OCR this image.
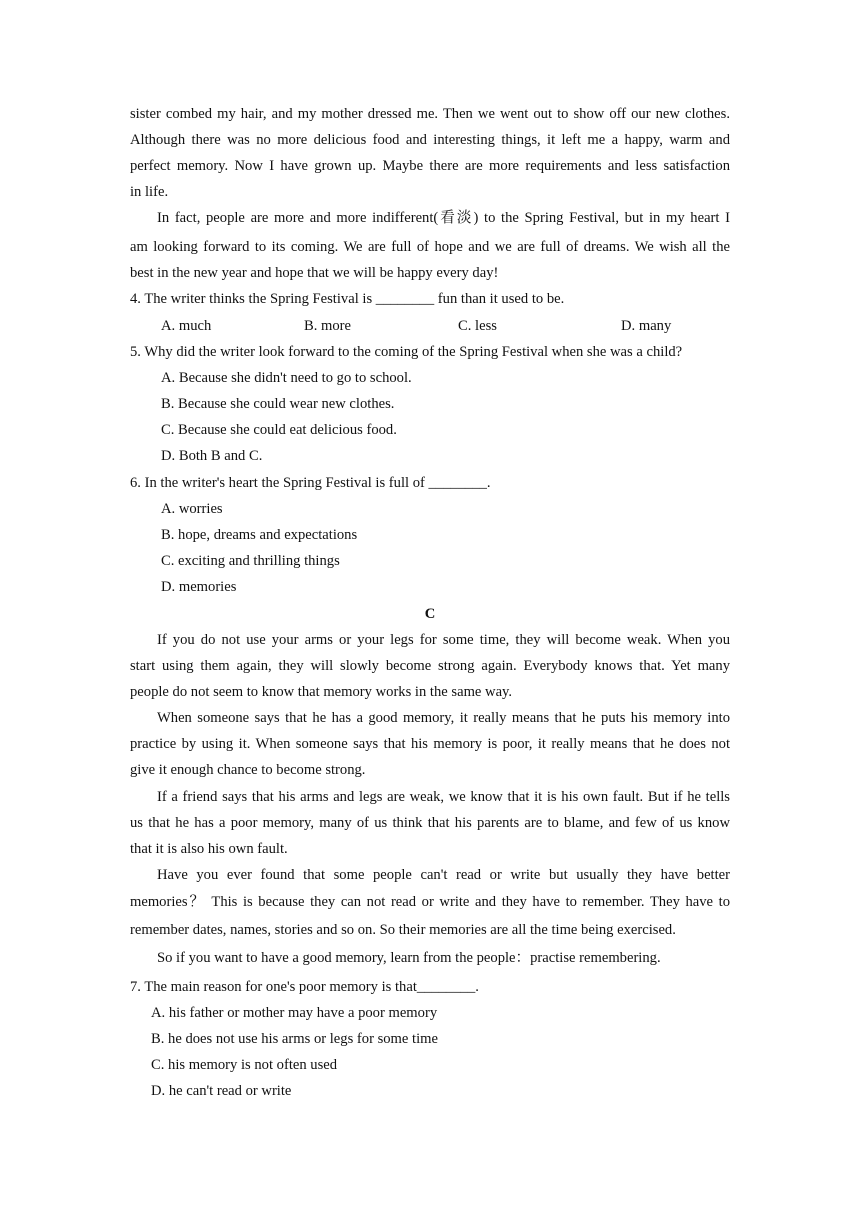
sister combed my hair, and my mother dressed me. Then we went out to show off our new clothes.
Although there was no more delicious food and interesting things, it left me a happy, warm and
perfect memory. Now I have grown up. Maybe there are more requirements and less satisfaction
in life.
In fact, people are more and more indifferent(看淡) to the Spring Festival, but in my heart I
am looking forward to its coming. We are full of hope and we are full of dreams. We wish all the
best in the new year and hope that we will be happy every day!
4. The writer thinks the Spring Festival is ________ fun than it used to be.
A. much	B. more	C. less	D. many
5. Why did the writer look forward to the coming of the Spring Festival when she was a child?
A. Because she didn't need to go to school.
B. Because she could wear new clothes.
C. Because she could eat delicious food.
D. Both B and C.
6. In the writer's heart the Spring Festival is full of ________.
A. worries
B. hope, dreams and expectations
C. exciting and thrilling things
D. memories
C
If you do not use your arms or your legs for some time, they will become weak. When you
start using them again, they will slowly become strong again. Everybody knows that. Yet many
people do not seem to know that memory works in the same way.
When someone says that he has a good memory, it really means that he puts his memory into
practice by using it. When someone says that his memory is poor, it really means that he does not
give it enough chance to become strong.
If a friend says that his arms and legs are weak, we know that it is his own fault. But if he tells
us that he has a poor memory, many of us think that his parents are to blame, and few of us know
that it is also his own fault.
Have you ever found that some people can't read or write but usually they have better
memories？ This is because they can not read or write and they have to remember. They have to
remember dates, names, stories and so on. So their memories are all the time being exercised.
So if you want to have a good memory, learn from the people：practise remembering.
7. The main reason for one's poor memory is that________.
A. his father or mother may have a poor memory
B. he does not use his arms or legs for some time
C. his memory is not often used
D. he can't read or write
